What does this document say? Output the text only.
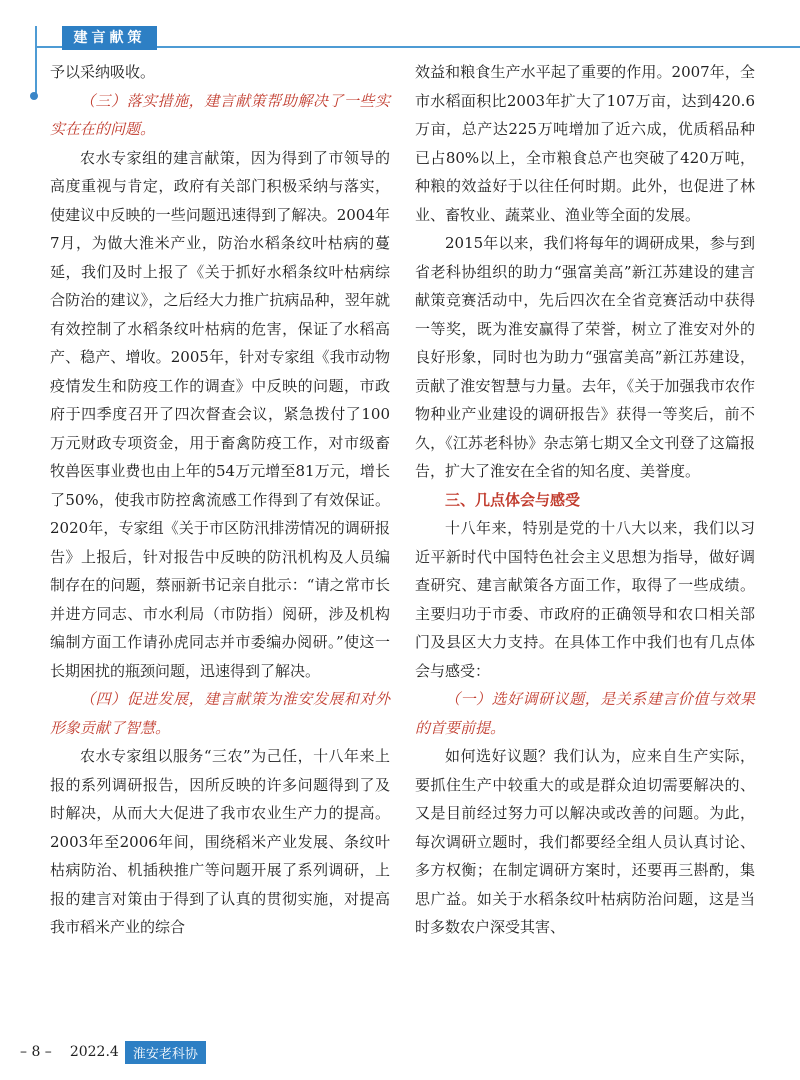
建言献策

予以采纳吸收。

（三）落实措施，建言献策帮助解决了一些实实在在的问题。

农水专家组的建言献策，因为得到了市领导的高度重视与肯定，政府有关部门积极采纳与落实，使建议中反映的一些问题迅速得到了解决。2004年7月，为做大淮米产业，防治水稻条纹叶枯病的蔓延，我们及时上报了《关于抓好水稻条纹叶枯病综合防治的建议》，之后经大力推广抗病品种，翌年就有效控制了水稻条纹叶枯病的危害，保证了水稻高产、稳产、增收。2005年，针对专家组《我市动物疫情发生和防疫工作的调查》中反映的问题，市政府于四季度召开了四次督查会议，紧急拨付了100万元财政专项资金，用于畜禽防疫工作，对市级畜牧兽医事业费也由上年的54万元增至81万元，增长了50%，使我市防控禽流感工作得到了有效保证。2020年，专家组《关于市区防汛排涝情况的调研报告》上报后，针对报告中反映的防汛机构及人员编制存在的问题，蔡丽新书记亲自批示：“请之常市长并进方同志、市水利局（市防指）阅研，涉及机构编制方面工作请孙虎同志并市委编办阅研。”使这一长期困扰的瓶颈问题，迅速得到了解决。

（四）促进发展，建言献策为淮安发展和对外形象贡献了智慧。

农水专家组以服务“三农”为己任，十八年来上报的系列调研报告，因所反映的许多问题得到了及时解决，从而大大促进了我市农业生产力的提高。2003年至2006年间，围绕稻米产业发展、条纹叶枯病防治、机插秧推广等问题开展了系列调研，上报的建言对策由于得到了认真的贯彻实施，对提高我市稻米产业的综合

效益和粮食生产水平起了重要的作用。2007年，全市水稻面积比2003年扩大了107万亩，达到420.6万亩，总产达225万吨增加了近六成，优质稻品种已占80%以上，全市粮食总产也突破了420万吨，种粮的效益好于以往任何时期。此外，也促进了林业、畜牧业、蔬菜业、渔业等全面的发展。

2015年以来，我们将每年的调研成果，参与到省老科协组织的助力“强富美高”新江苏建设的建言献策竞赛活动中，先后四次在全省竞赛活动中获得一等奖，既为淮安赢得了荣誉，树立了淮安对外的良好形象，同时也为助力“强富美高”新江苏建设，贡献了淮安智慧与力量。去年，《关于加强我市农作物种业产业建设的调研报告》获得一等奖后，前不久，《江苏老科协》杂志第七期又全文刊登了这篇报告，扩大了淮安在全省的知名度、美誉度。

三、几点体会与感受

十八年来，特别是党的十八大以来，我们以习近平新时代中国特色社会主义思想为指导，做好调查研究、建言献策各方面工作，取得了一些成绩。主要归功于市委、市政府的正确领导和农口相关部门及县区大力支持。在具体工作中我们也有几点体会与感受：

（一）选好调研议题，是关系建言价值与效果的首要前提。

如何选好议题？我们认为，应来自生产实际，要抓住生产中较重大的或是群众迫切需要解决的、又是目前经过努力可以解决或改善的问题。为此，每次调研立题时，我们都要经全组人员认真讨论、多方权衡；在制定调研方案时，还要再三斟酌，集思广益。如关于水稻条纹叶枯病防治问题，这是当时多数农户深受其害、

– 8 – 2022.4	淮安老科协
